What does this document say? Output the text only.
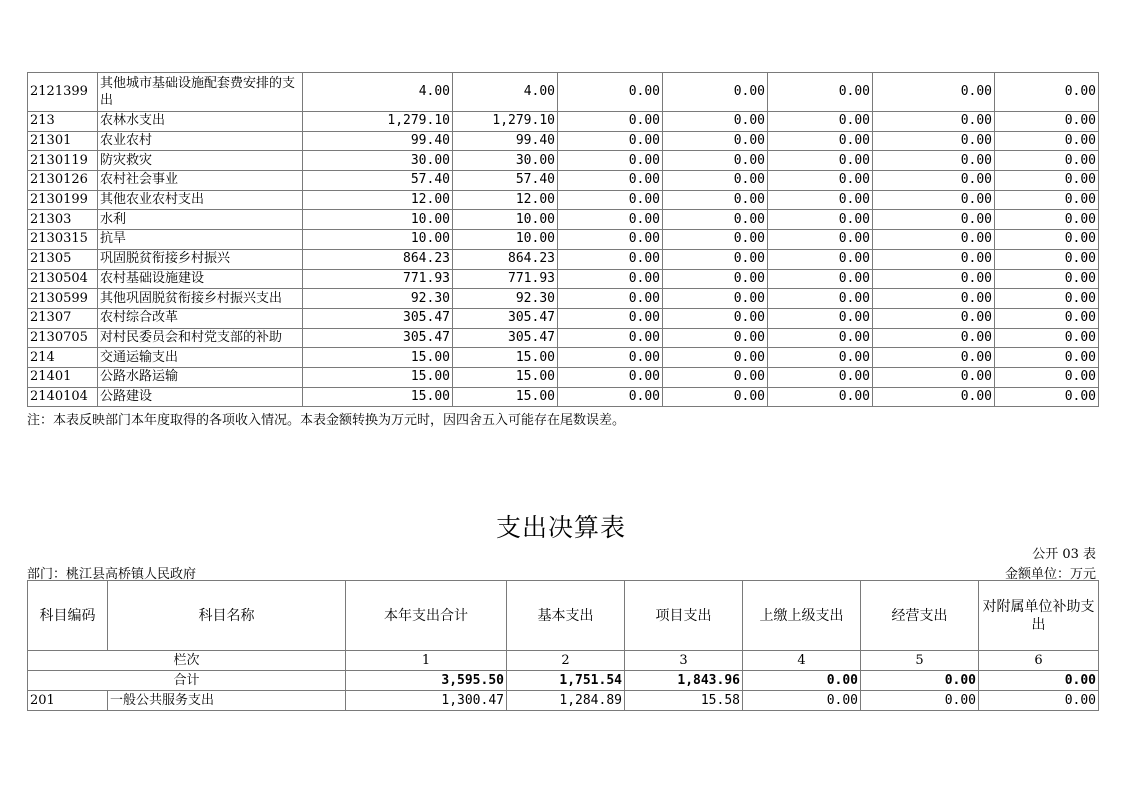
2121399	其他城市基础设施配套费安排的支出	4.00	4.00	0.00	0.00	0.00	0.00	0.00
213	农林水支出	1,279.10	1,279.10	0.00	0.00	0.00	0.00	0.00
21301	农业农村	99.40	99.40	0.00	0.00	0.00	0.00	0.00
2130119	防灾救灾	30.00	30.00	0.00	0.00	0.00	0.00	0.00
2130126	农村社会事业	57.40	57.40	0.00	0.00	0.00	0.00	0.00
2130199	其他农业农村支出	12.00	12.00	0.00	0.00	0.00	0.00	0.00
21303	水利	10.00	10.00	0.00	0.00	0.00	0.00	0.00
2130315	抗旱	10.00	10.00	0.00	0.00	0.00	0.00	0.00
21305	巩固脱贫衔接乡村振兴	864.23	864.23	0.00	0.00	0.00	0.00	0.00
2130504	农村基础设施建设	771.93	771.93	0.00	0.00	0.00	0.00	0.00
2130599	其他巩固脱贫衔接乡村振兴支出	92.30	92.30	0.00	0.00	0.00	0.00	0.00
21307	农村综合改革	305.47	305.47	0.00	0.00	0.00	0.00	0.00
2130705	对村民委员会和村党支部的补助	305.47	305.47	0.00	0.00	0.00	0.00	0.00
214	交通运输支出	15.00	15.00	0.00	0.00	0.00	0.00	0.00
21401	公路水路运输	15.00	15.00	0.00	0.00	0.00	0.00	0.00
2140104	公路建设	15.00	15.00	0.00	0.00	0.00	0.00	0.00
注：本表反映部门本年度取得的各项收入情况。本表金额转换为万元时，因四舍五入可能存在尾数误差。
支出决算表
公开 03 表
部门：桃江县高桥镇人民政府	金额单位：万元
科目编码	科目名称	本年支出合计	基本支出	项目支出	上缴上级支出	经营支出	对附属单位补助支出
栏次		1	2	3	4	5	6
合计		3,595.50	1,751.54	1,843.96	0.00	0.00	0.00
201	一般公共服务支出	1,300.47	1,284.89	15.58	0.00	0.00	0.00
